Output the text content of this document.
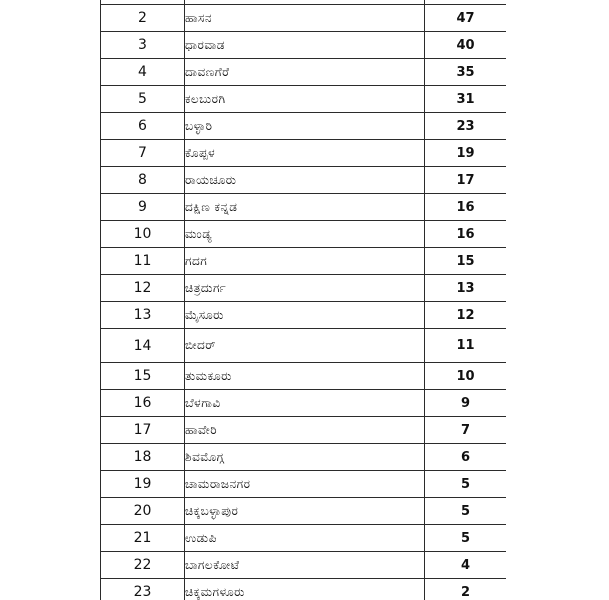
2	ಹಾಸನ	47
3	ಧಾರವಾಡ	40
4	ದಾವಣಗೆರೆ	35
5	ಕಲಬುರಗಿ	31
6	ಬಳ್ಳಾರಿ	23
7	ಕೊಪ್ಪಳ	19
8	ರಾಯಚೂರು	17
9	ದಕ್ಷಿಣ ಕನ್ನಡ	16
10	ಮಂಡ್ಯ	16
11	ಗದಗ	15
12	ಚಿತ್ರದುರ್ಗ	13
13	ಮೈಸೂರು	12
14	ಬೀದರ್	11
15	ತುಮಕೂರು	10
16	ಬೆಳಗಾವಿ	9
17	ಹಾವೇರಿ	7
18	ಶಿವಮೊಗ್ಗ	6
19	ಚಾಮರಾಜನಗರ	5
20	ಚಿಕ್ಕಬಳ್ಳಾಪುರ	5
21	ಉಡುಪಿ	5
22	ಬಾಗಲಕೋಟೆ	4
23	ಚಿಕ್ಕಮಗಳೂರು	2
